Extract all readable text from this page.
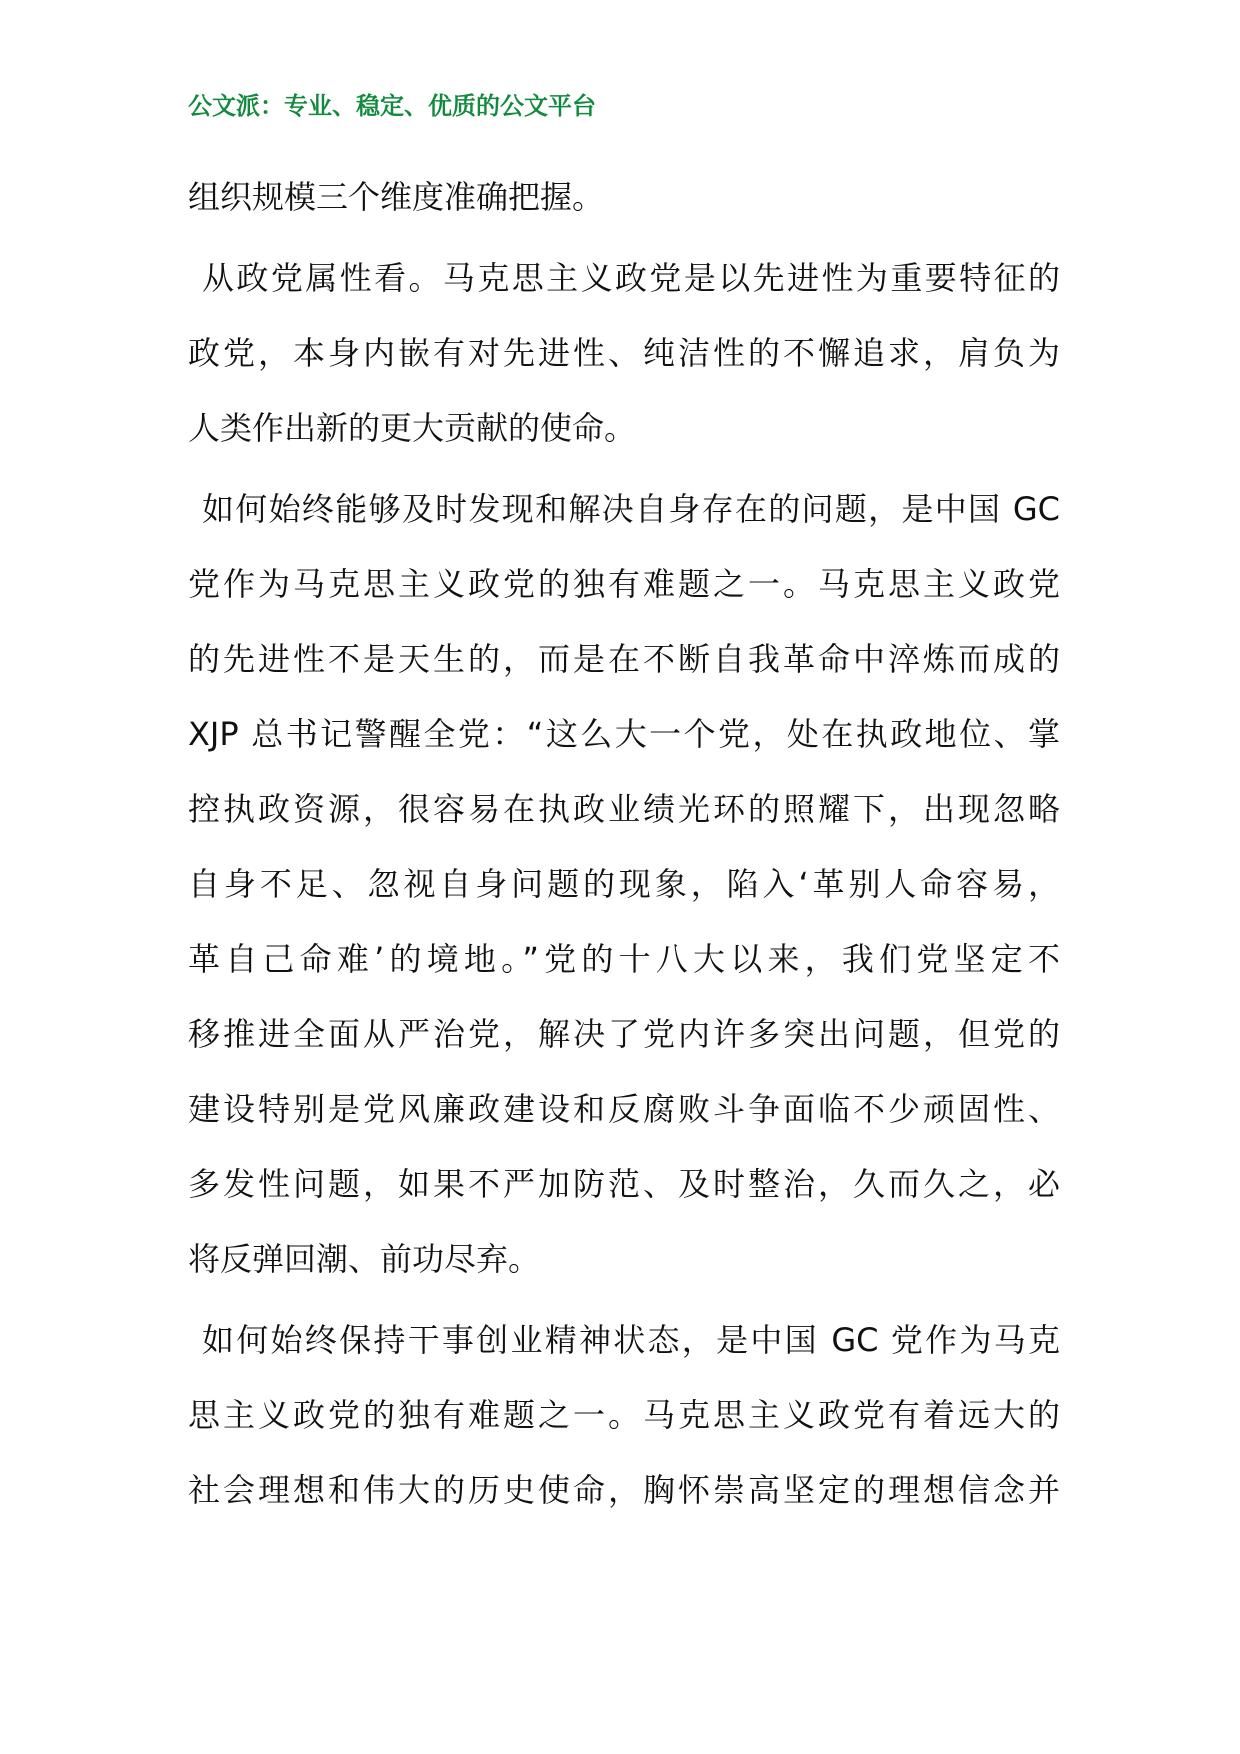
公文派：专业、稳定、优质的公文平台
组织规模三个维度准确把握。
从政党属性看。马克思主义政党是以先进性为重要特征的
政党，本身内嵌有对先进性、纯洁性的不懈追求，肩负为
人类作出新的更大贡献的使命。
如何始终能够及时发现和解决自身存在的问题，是中国 GC
党作为马克思主义政党的独有难题之一。马克思主义政党
的先进性不是天生的，而是在不断自我革命中淬炼而成的
XJP 总书记警醒全党：“这么大一个党，处在执政地位、掌
控执政资源，很容易在执政业绩光环的照耀下，出现忽略
自身不足、忽视自身问题的现象，陷入‘革别人命容易，
革自己命难’的境地。”党的十八大以来，我们党坚定不
移推进全面从严治党，解决了党内许多突出问题，但党的
建设特别是党风廉政建设和反腐败斗争面临不少顽固性、
多发性问题，如果不严加防范、及时整治，久而久之，必
将反弹回潮、前功尽弃。
如何始终保持干事创业精神状态，是中国 GC 党作为马克
思主义政党的独有难题之一。马克思主义政党有着远大的
社会理想和伟大的历史使命，胸怀崇高坚定的理想信念并
